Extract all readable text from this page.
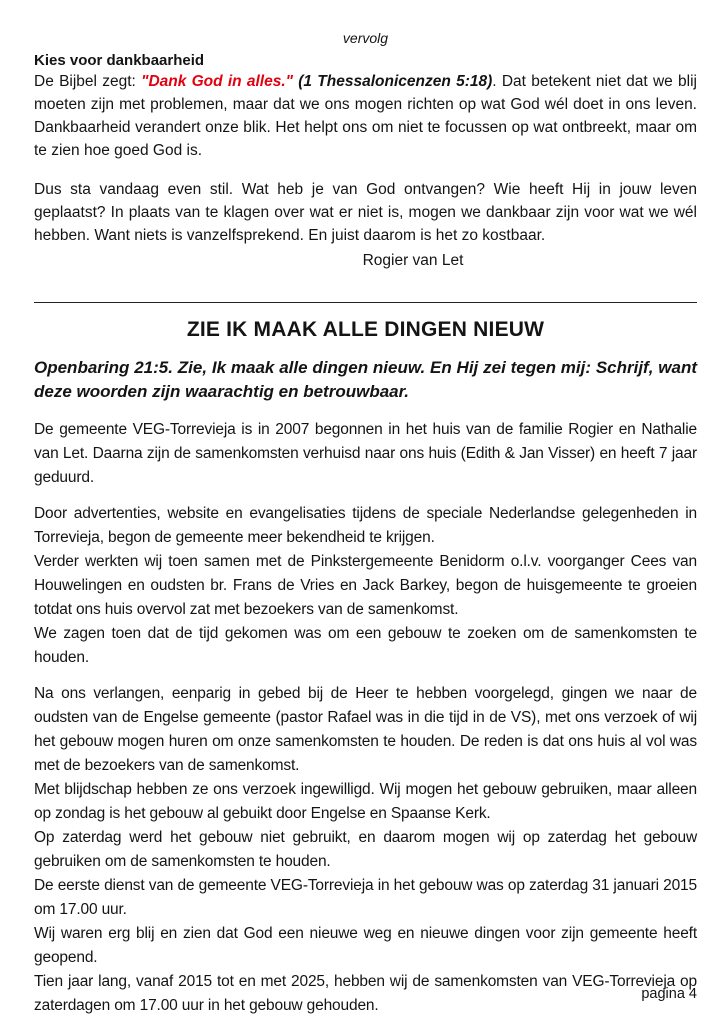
vervolg
Kies voor dankbaarheid

De Bijbel zegt: "Dank God in alles." (1 Thessalonicenzen 5:18). Dat betekent niet dat we blij moeten zijn met problemen, maar dat we ons mogen richten op wat God wél doet in ons leven. Dankbaarheid verandert onze blik. Het helpt ons om niet te focussen op wat ontbreekt, maar om te zien hoe goed God is.

Dus sta vandaag even stil. Wat heb je van God ontvangen? Wie heeft Hij in jouw leven geplaatst? In plaats van te klagen over wat er niet is, mogen we dankbaar zijn voor wat we wél hebben. Want niets is vanzelfsprekend. En juist daarom is het zo kostbaar.

Rogier van Let
ZIE IK MAAK ALLE DINGEN NIEUW
Openbaring 21:5. Zie, Ik maak alle dingen nieuw. En Hij zei tegen mij: Schrijf, want deze woorden zijn waarachtig en betrouwbaar.

De gemeente VEG-Torrevieja is in 2007 begonnen in het huis van de familie Rogier en Nathalie van Let. Daarna zijn de samenkomsten verhuisd naar ons huis (Edith & Jan Visser) en heeft 7 jaar geduurd.

Door advertenties, website en evangelisaties tijdens de speciale Nederlandse gelegenheden in Torrevieja, begon de gemeente meer bekendheid te krijgen.

Verder werkten wij toen samen met de Pinkstergemeente Benidorm o.l.v. voorganger Cees van Houwelingen en oudsten br. Frans de Vries en Jack Barkey, begon de huisgemeente te groeien totdat ons huis overvol zat met bezoekers van de samenkomst.

We zagen toen dat de tijd gekomen was om een gebouw te zoeken om de samenkomsten te houden.

Na ons verlangen, eenparig in gebed bij de Heer te hebben voorgelegd, gingen we naar de oudsten van de Engelse gemeente (pastor Rafael was in die tijd in de VS), met ons verzoek of wij het gebouw mogen huren om onze samenkomsten te houden. De reden is dat ons huis al vol was met de bezoekers van de samenkomst.

Met blijdschap hebben ze ons verzoek ingewilligd. Wij mogen het gebouw gebruiken, maar alleen op zondag is het gebouw al gebuikt door Engelse en Spaanse Kerk.

Op zaterdag werd het gebouw niet gebruikt, en daarom mogen wij op zaterdag het gebouw gebruiken om de samenkomsten te houden.

De eerste dienst van de gemeente VEG-Torrevieja in het gebouw was op zaterdag 31 januari 2015 om 17.00 uur.

Wij waren erg blij en zien dat God een nieuwe weg en nieuwe dingen voor zijn gemeente heeft geopend.

Tien jaar lang, vanaf 2015 tot en met 2025, hebben wij de samenkomsten van VEG-Torrevieja op zaterdagen om 17.00 uur in het gebouw gehouden.

pagina 4
